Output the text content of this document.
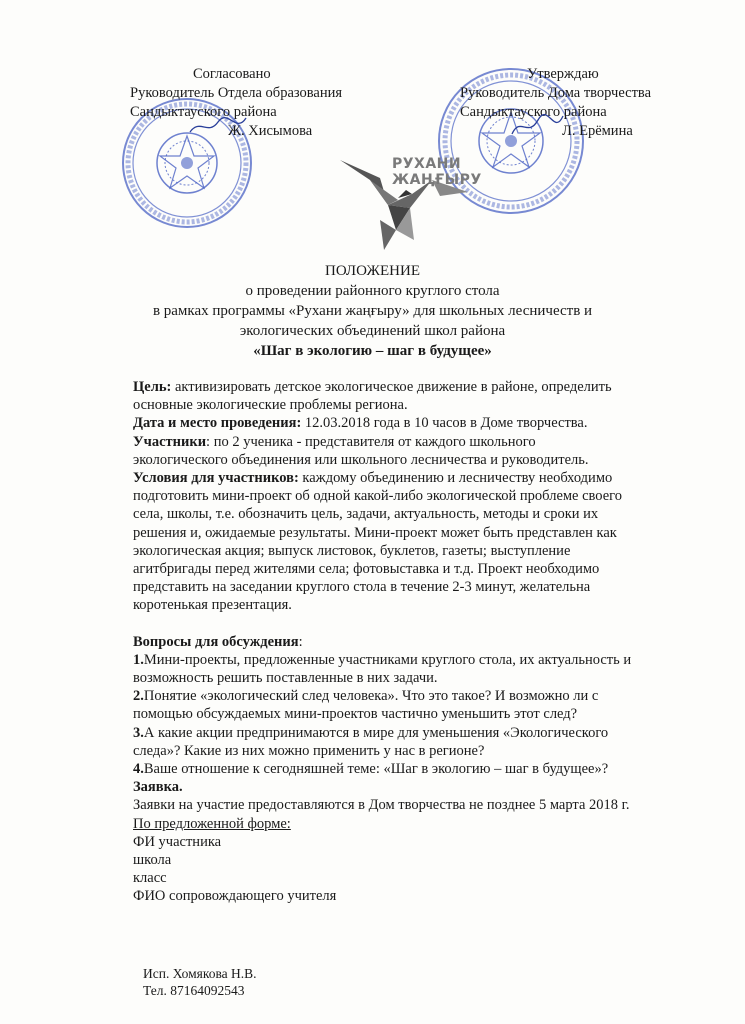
Согласовано
Руководитель Отдела образования
Сандыктауского района
Ж. Хисымова
Утверждаю
Руководитель Дома творчества
Сандыктауского района
Л. Ерёмина
РУХАНИ
ЖАҢҒЫРУ
ПОЛОЖЕНИЕ
о проведении районного круглого стола
в рамках программы «Рухани жаңғыру» для школьных лесничеств и
экологических объединений школ района
«Шаг в экологию – шаг в будущее»

Цель: активизировать детское экологическое движение в районе, определить

основные экологические проблемы региона.

Дата и место проведения: 12.03.2018 года в 10 часов в Доме творчества.

Участники: по 2 ученика - представителя от каждого школьного

экологического объединения или школьного лесничества и руководитель.

Условия для участников: каждому объединению и лесничеству необходимо

подготовить мини-проект об одной какой-либо экологической проблеме своего

села, школы, т.е. обозначить цель, задачи, актуальность, методы и сроки их

решения и, ожидаемые результаты. Мини-проект может быть представлен как

экологическая акция; выпуск листовок, буклетов, газеты; выступление

агитбригады перед жителями села; фотовыставка и т.д. Проект необходимо

представить на заседании круглого стола в течение 2-3 минут, желательна

коротенькая презентация.

Вопросы для обсуждения:

1.Мини-проекты, предложенные участниками круглого стола, их актуальность и

возможность решить поставленные в них задачи.

2.Понятие «экологический след человека». Что это такое? И возможно ли с

помощью обсуждаемых мини-проектов частично уменьшить этот след?

3.А какие акции предпринимаются в мире для уменьшения «Экологического

следа»? Какие из них можно применить у нас в регионе?

4.Ваше отношение к сегодняшней теме: «Шаг в экологию – шаг в будущее»?

Заявка.

Заявки на участие предоставляются в Дом творчества не позднее 5 марта 2018 г.

По предложенной форме:

ФИ участника

школа

класс

ФИО сопровождающего учителя

Исп. Хомякова Н.В.
Тел. 87164092543
